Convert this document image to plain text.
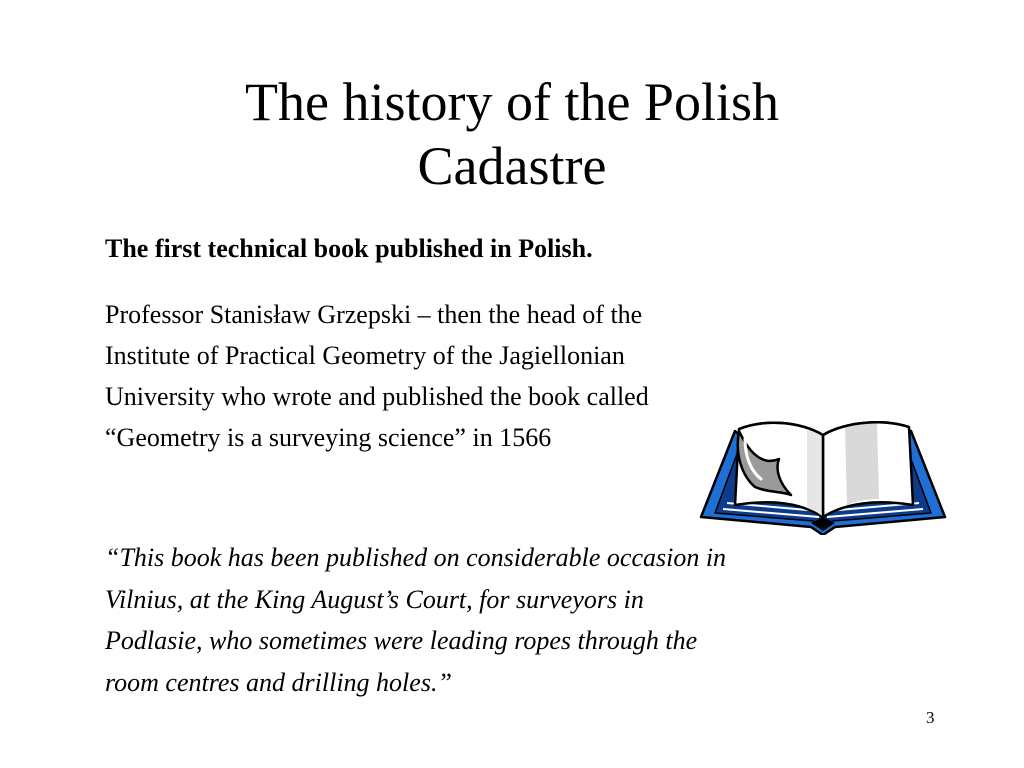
The history of the Polish
Cadastre

The first technical book published in Polish.

Professor Stanisław Grzepski – then the head of the
Institute of Practical Geometry of the Jagiellonian
University who wrote and published the book called
“Geometry is a surveying science” in 1566

“This book has been published on considerable occasion in
Vilnius, at the King August’s Court, for surveyors in
Podlasie, who sometimes were leading ropes through the
room centres and drilling holes.”

3
